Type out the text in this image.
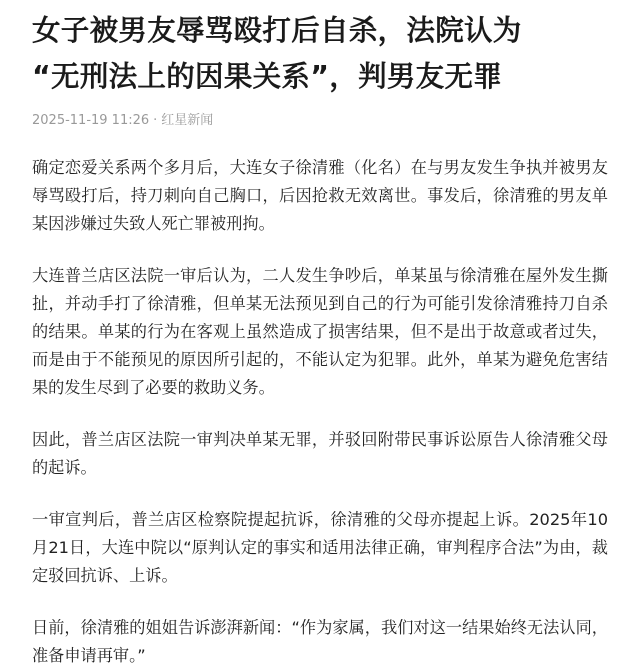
女子被男友辱骂殴打后自杀，法院认为
“无刑法上的因果关系”，判男友无罪
2025-11-19 11:26 · 红星新闻

确定恋爱关系两个多月后，大连女子徐清雅（化名）在与男友发生争执并被男友辱骂殴打后，持刀刺向自己胸口，后因抢救无效离世。事发后，徐清雅的男友单某因涉嫌过失致人死亡罪被刑拘。

大连普兰店区法院一审后认为，二人发生争吵后，单某虽与徐清雅在屋外发生撕扯，并动手打了徐清雅，但单某无法预见到自己的行为可能引发徐清雅持刀自杀的结果。单某的行为在客观上虽然造成了损害结果，但不是出于故意或者过失，而是由于不能预见的原因所引起的，不能认定为犯罪。此外，单某为避免危害结果的发生尽到了必要的救助义务。

因此，普兰店区法院一审判决单某无罪，并驳回附带民事诉讼原告人徐清雅父母的起诉。

一审宣判后，普兰店区检察院提起抗诉，徐清雅的父母亦提起上诉。2025年10月21日，大连中院以“原判认定的事实和适用法律正确，审判程序合法”为由，裁定驳回抗诉、上诉。

日前，徐清雅的姐姐告诉澎湃新闻：“作为家属，我们对这一结果始终无法认同，准备申请再审。”
